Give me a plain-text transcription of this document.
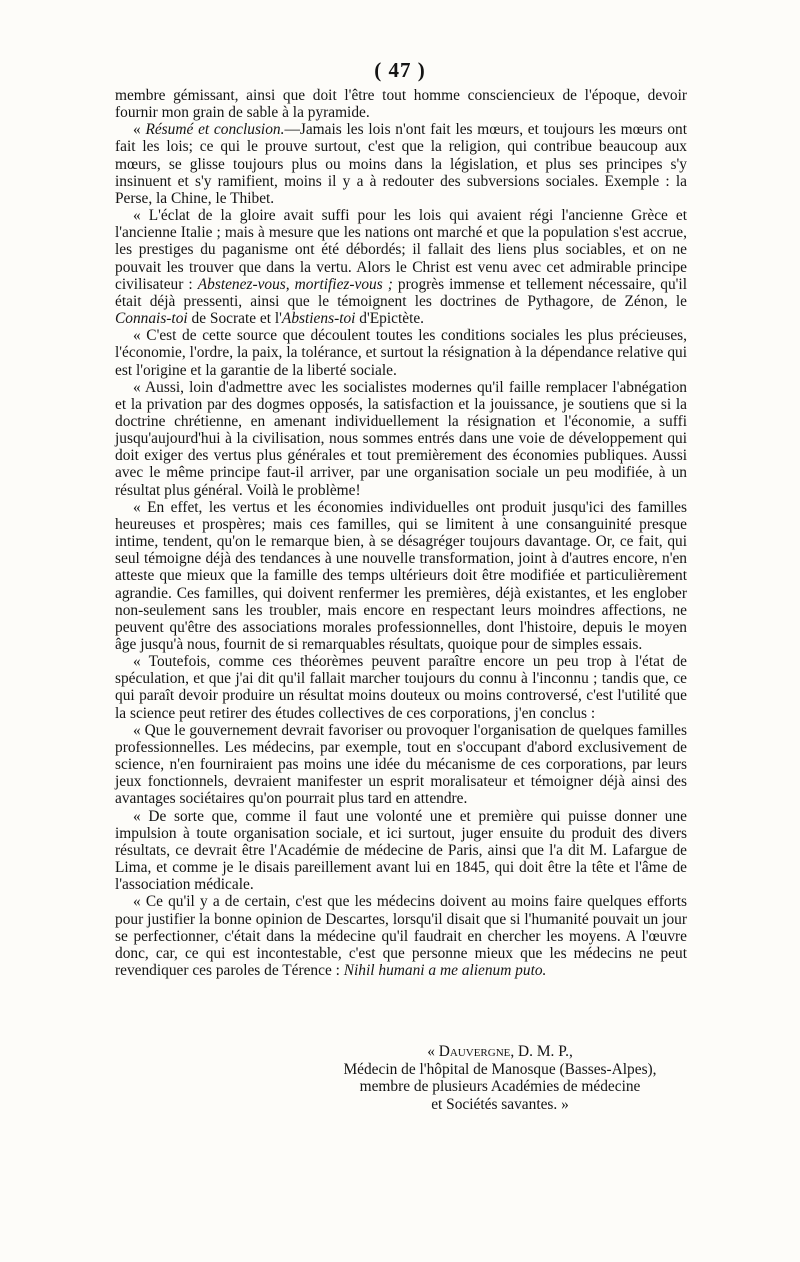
( 47 )

membre gémissant, ainsi que doit l'être tout homme consciencieux de l'époque, devoir fournir mon grain de sable à la pyramide.

« Résumé et conclusion.—Jamais les lois n'ont fait les mœurs, et toujours les mœurs ont fait les lois; ce qui le prouve surtout, c'est que la religion, qui contribue beaucoup aux mœurs, se glisse toujours plus ou moins dans la législation, et plus ses principes s'y insinuent et s'y ramifient, moins il y a à redouter des subversions sociales. Exemple : la Perse, la Chine, le Thibet.

« L'éclat de la gloire avait suffi pour les lois qui avaient régi l'ancienne Grèce et l'ancienne Italie ; mais à mesure que les nations ont marché et que la population s'est accrue, les prestiges du paganisme ont été débordés; il fallait des liens plus sociables, et on ne pouvait les trouver que dans la vertu. Alors le Christ est venu avec cet admirable principe civilisateur : Abstenez-vous, mortifiez-vous ; progrès immense et tellement nécessaire, qu'il était déjà pressenti, ainsi que le témoignent les doctrines de Pythagore, de Zénon, le Connais-toi de Socrate et l'Abstiens-toi d'Epictète.

« C'est de cette source que découlent toutes les conditions sociales les plus précieuses, l'économie, l'ordre, la paix, la tolérance, et surtout la résignation à la dépendance relative qui est l'origine et la garantie de la liberté sociale.

« Aussi, loin d'admettre avec les socialistes modernes qu'il faille remplacer l'abnégation et la privation par des dogmes opposés, la satisfaction et la jouissance, je soutiens que si la doctrine chrétienne, en amenant individuellement la résignation et l'économie, a suffi jusqu'aujourd'hui à la civilisation, nous sommes entrés dans une voie de développement qui doit exiger des vertus plus générales et tout premièrement des économies publiques. Aussi avec le même principe faut-il arriver, par une organisation sociale un peu modifiée, à un résultat plus général. Voilà le problème!

« En effet, les vertus et les économies individuelles ont produit jusqu'ici des familles heureuses et prospères; mais ces familles, qui se limitent à une consanguinité presque intime, tendent, qu'on le remarque bien, à se désagréger toujours davantage. Or, ce fait, qui seul témoigne déjà des tendances à une nouvelle transformation, joint à d'autres encore, n'en atteste que mieux que la famille des temps ultérieurs doit être modifiée et particulièrement agrandie. Ces familles, qui doivent renfermer les premières, déjà existantes, et les englober non-seulement sans les troubler, mais encore en respectant leurs moindres affections, ne peuvent qu'être des associations morales professionnelles, dont l'histoire, depuis le moyen âge jusqu'à nous, fournit de si remarquables résultats, quoique pour de simples essais.

« Toutefois, comme ces théorèmes peuvent paraître encore un peu trop à l'état de spéculation, et que j'ai dit qu'il fallait marcher toujours du connu à l'inconnu ; tandis que, ce qui paraît devoir produire un résultat moins douteux ou moins controversé, c'est l'utilité que la science peut retirer des études collectives de ces corporations, j'en conclus :

« Que le gouvernement devrait favoriser ou provoquer l'organisation de quelques familles professionnelles. Les médecins, par exemple, tout en s'occupant d'abord exclusivement de science, n'en fourniraient pas moins une idée du mécanisme de ces corporations, par leurs jeux fonctionnels, devraient manifester un esprit moralisateur et témoigner déjà ainsi des avantages sociétaires qu'on pourrait plus tard en attendre.

« De sorte que, comme il faut une volonté une et première qui puisse donner une impulsion à toute organisation sociale, et ici surtout, juger ensuite du produit des divers résultats, ce devrait être l'Académie de médecine de Paris, ainsi que l'a dit M. Lafargue de Lima, et comme je le disais pareillement avant lui en 1845, qui doit être la tête et l'âme de l'association médicale.

« Ce qu'il y a de certain, c'est que les médecins doivent au moins faire quelques efforts pour justifier la bonne opinion de Descartes, lorsqu'il disait que si l'humanité pouvait un jour se perfectionner, c'était dans la médecine qu'il faudrait en chercher les moyens. A l'œuvre donc, car, ce qui est incontestable, c'est que personne mieux que les médecins ne peut revendiquer ces paroles de Térence : Nihil humani a me alienum puto.

« Dauvergne, D. M. P.,
Médecin de l'hôpital de Manosque (Basses-Alpes),
membre de plusieurs Académies de médecine
et Sociétés savantes. »
